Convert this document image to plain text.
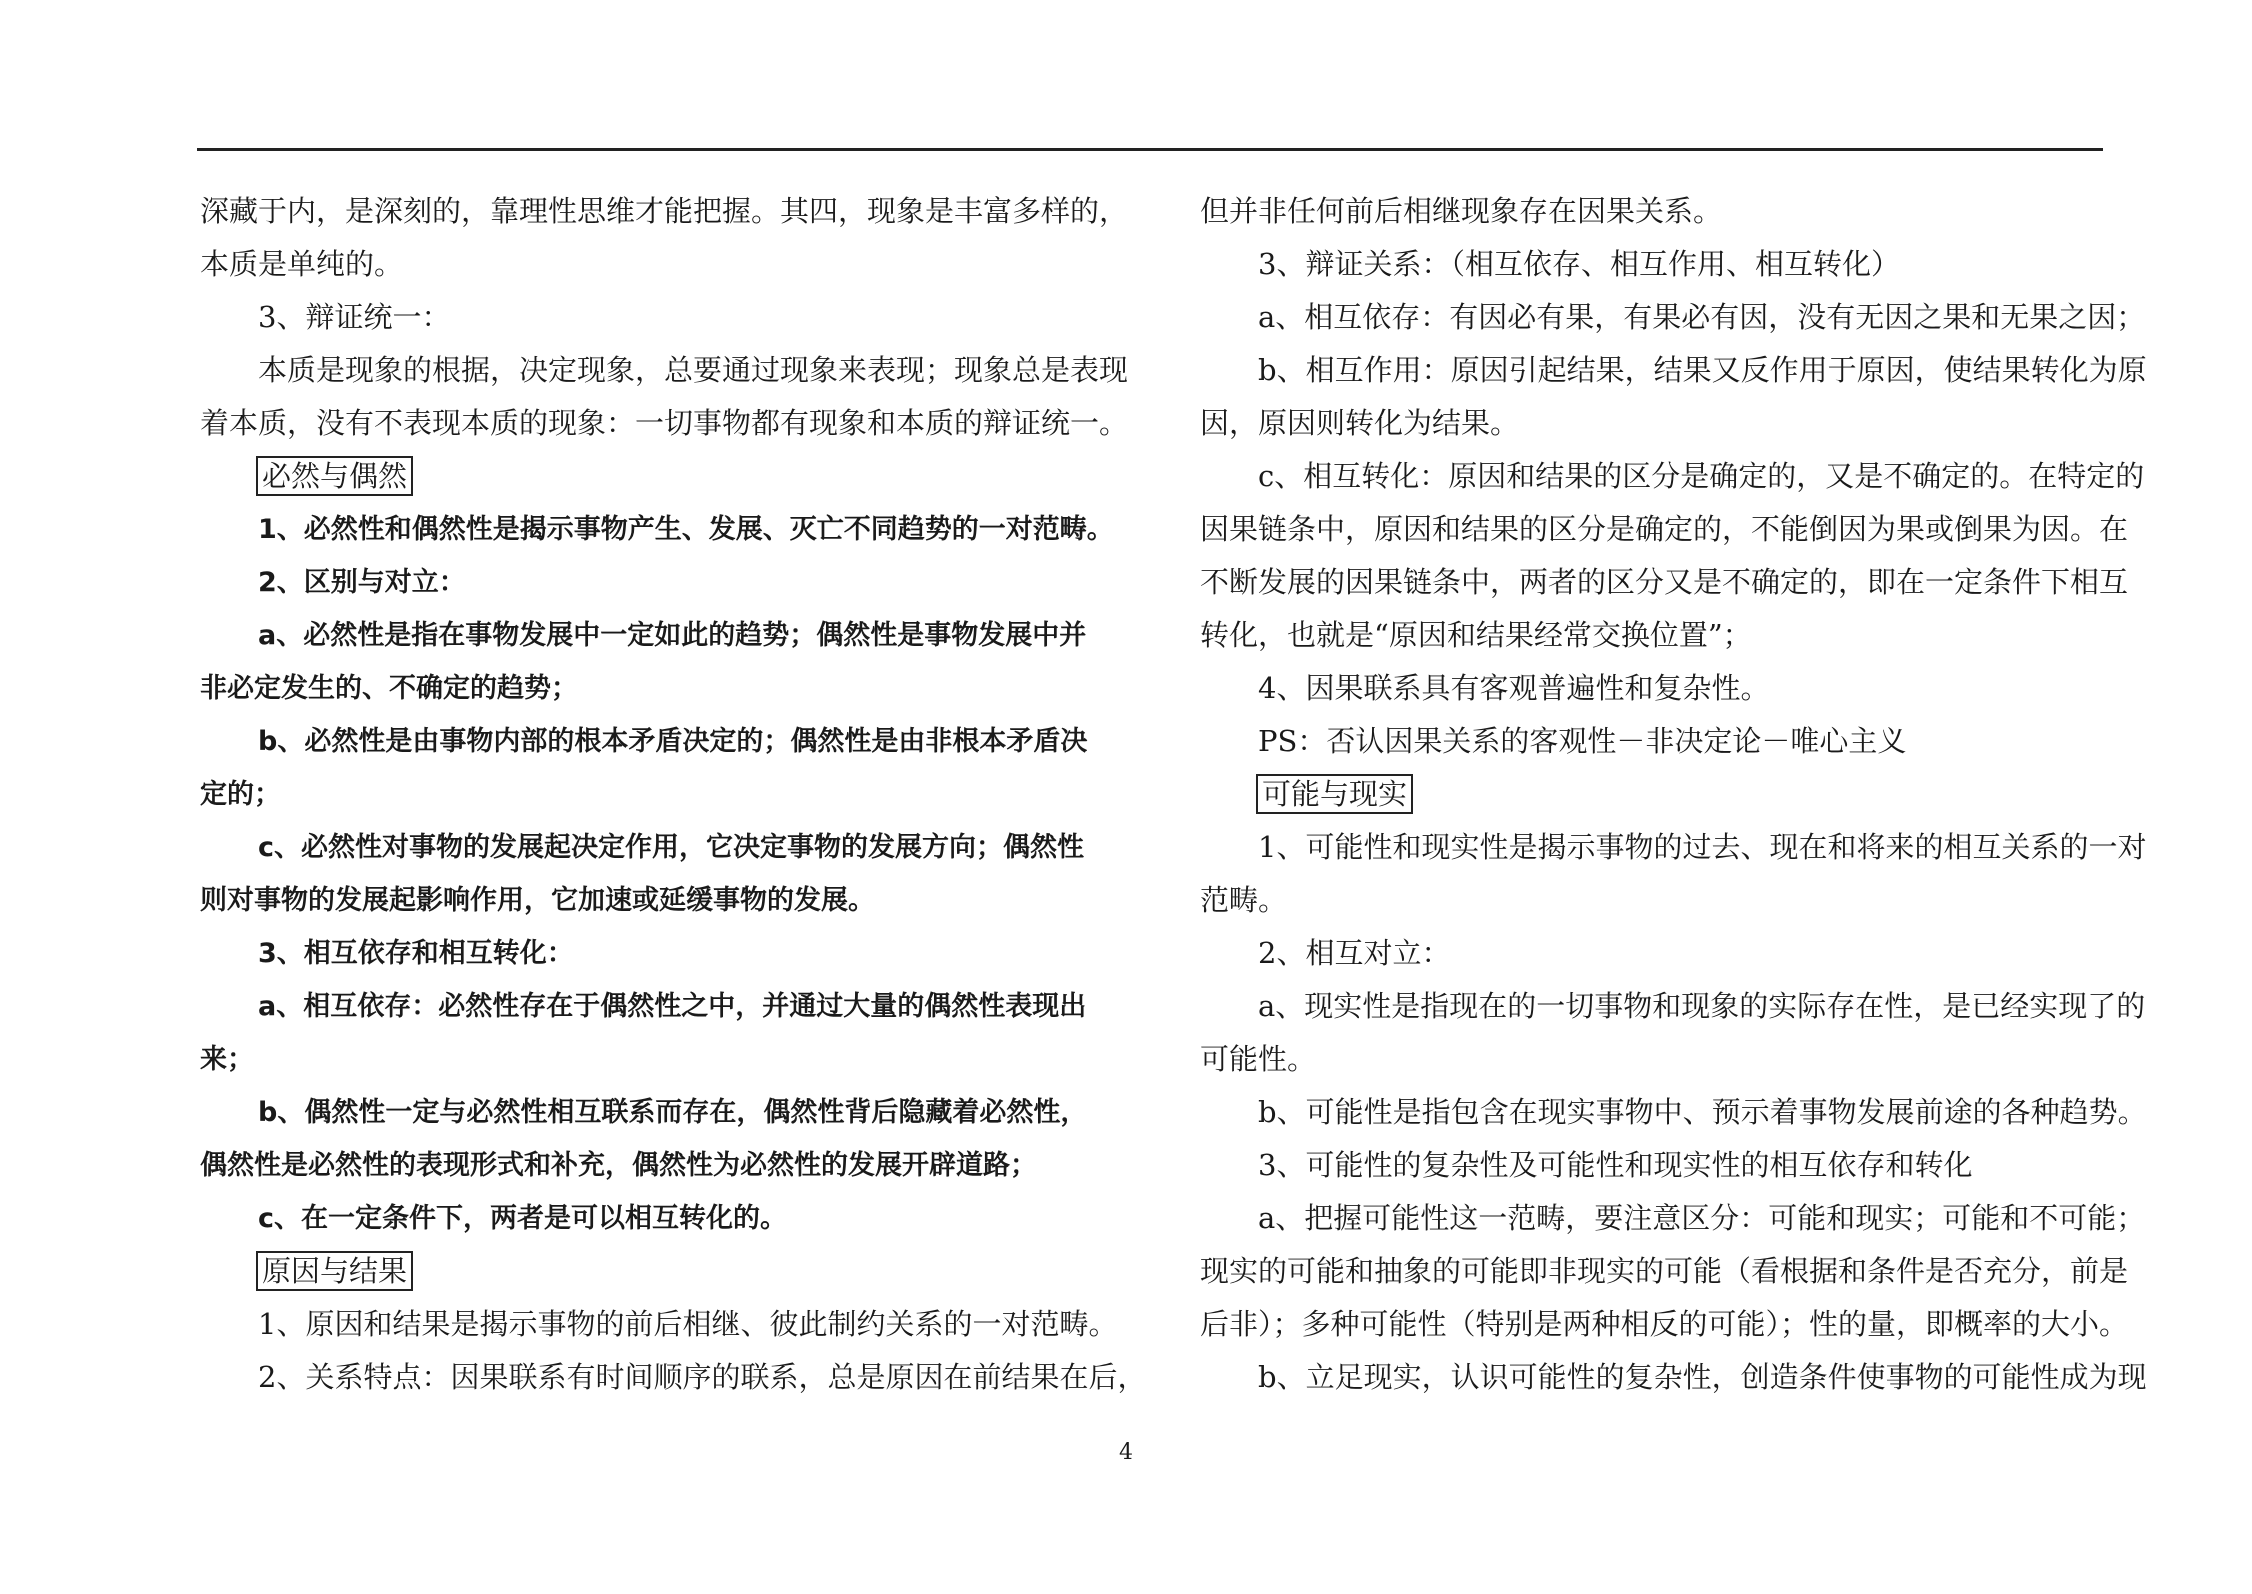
深藏于内，是深刻的，靠理性思维才能把握。其四，现象是丰富多样的，
本质是单纯的。
3、辩证统一：
本质是现象的根据，决定现象，总要通过现象来表现；现象总是表现
着本质，没有不表现本质的现象：一切事物都有现象和本质的辩证统一。
必然与偶然
1、必然性和偶然性是揭示事物产生、发展、灭亡不同趋势的一对范畴。
2、区别与对立：
a、必然性是指在事物发展中一定如此的趋势；偶然性是事物发展中并
非必定发生的、不确定的趋势；
b、必然性是由事物内部的根本矛盾决定的；偶然性是由非根本矛盾决
定的；
c、必然性对事物的发展起决定作用，它决定事物的发展方向；偶然性
则对事物的发展起影响作用，它加速或延缓事物的发展。
3、相互依存和相互转化：
a、相互依存：必然性存在于偶然性之中，并通过大量的偶然性表现出
来；
b、偶然性一定与必然性相互联系而存在，偶然性背后隐藏着必然性，
偶然性是必然性的表现形式和补充，偶然性为必然性的发展开辟道路；
c、在一定条件下，两者是可以相互转化的。
原因与结果
1、原因和结果是揭示事物的前后相继、彼此制约关系的一对范畴。
2、关系特点：因果联系有时间顺序的联系，总是原因在前结果在后，
但并非任何前后相继现象存在因果关系。
3、辩证关系：（相互依存、相互作用、相互转化）
a、相互依存：有因必有果，有果必有因，没有无因之果和无果之因；
b、相互作用：原因引起结果，结果又反作用于原因，使结果转化为原
因，原因则转化为结果。
c、相互转化：原因和结果的区分是确定的，又是不确定的。在特定的
因果链条中，原因和结果的区分是确定的，不能倒因为果或倒果为因。在
不断发展的因果链条中，两者的区分又是不确定的，即在一定条件下相互
转化，也就是“原因和结果经常交换位置”；
4、因果联系具有客观普遍性和复杂性。
PS：否认因果关系的客观性－非决定论－唯心主义
可能与现实
1、可能性和现实性是揭示事物的过去、现在和将来的相互关系的一对
范畴。
2、相互对立：
a、现实性是指现在的一切事物和现象的实际存在性，是已经实现了的
可能性。
b、可能性是指包含在现实事物中、预示着事物发展前途的各种趋势。
3、可能性的复杂性及可能性和现实性的相互依存和转化
a、把握可能性这一范畴，要注意区分：可能和现实；可能和不可能；
现实的可能和抽象的可能即非现实的可能（看根据和条件是否充分，前是
后非）；多种可能性（特别是两种相反的可能）；性的量，即概率的大小。
b、立足现实，认识可能性的复杂性，创造条件使事物的可能性成为现
4
